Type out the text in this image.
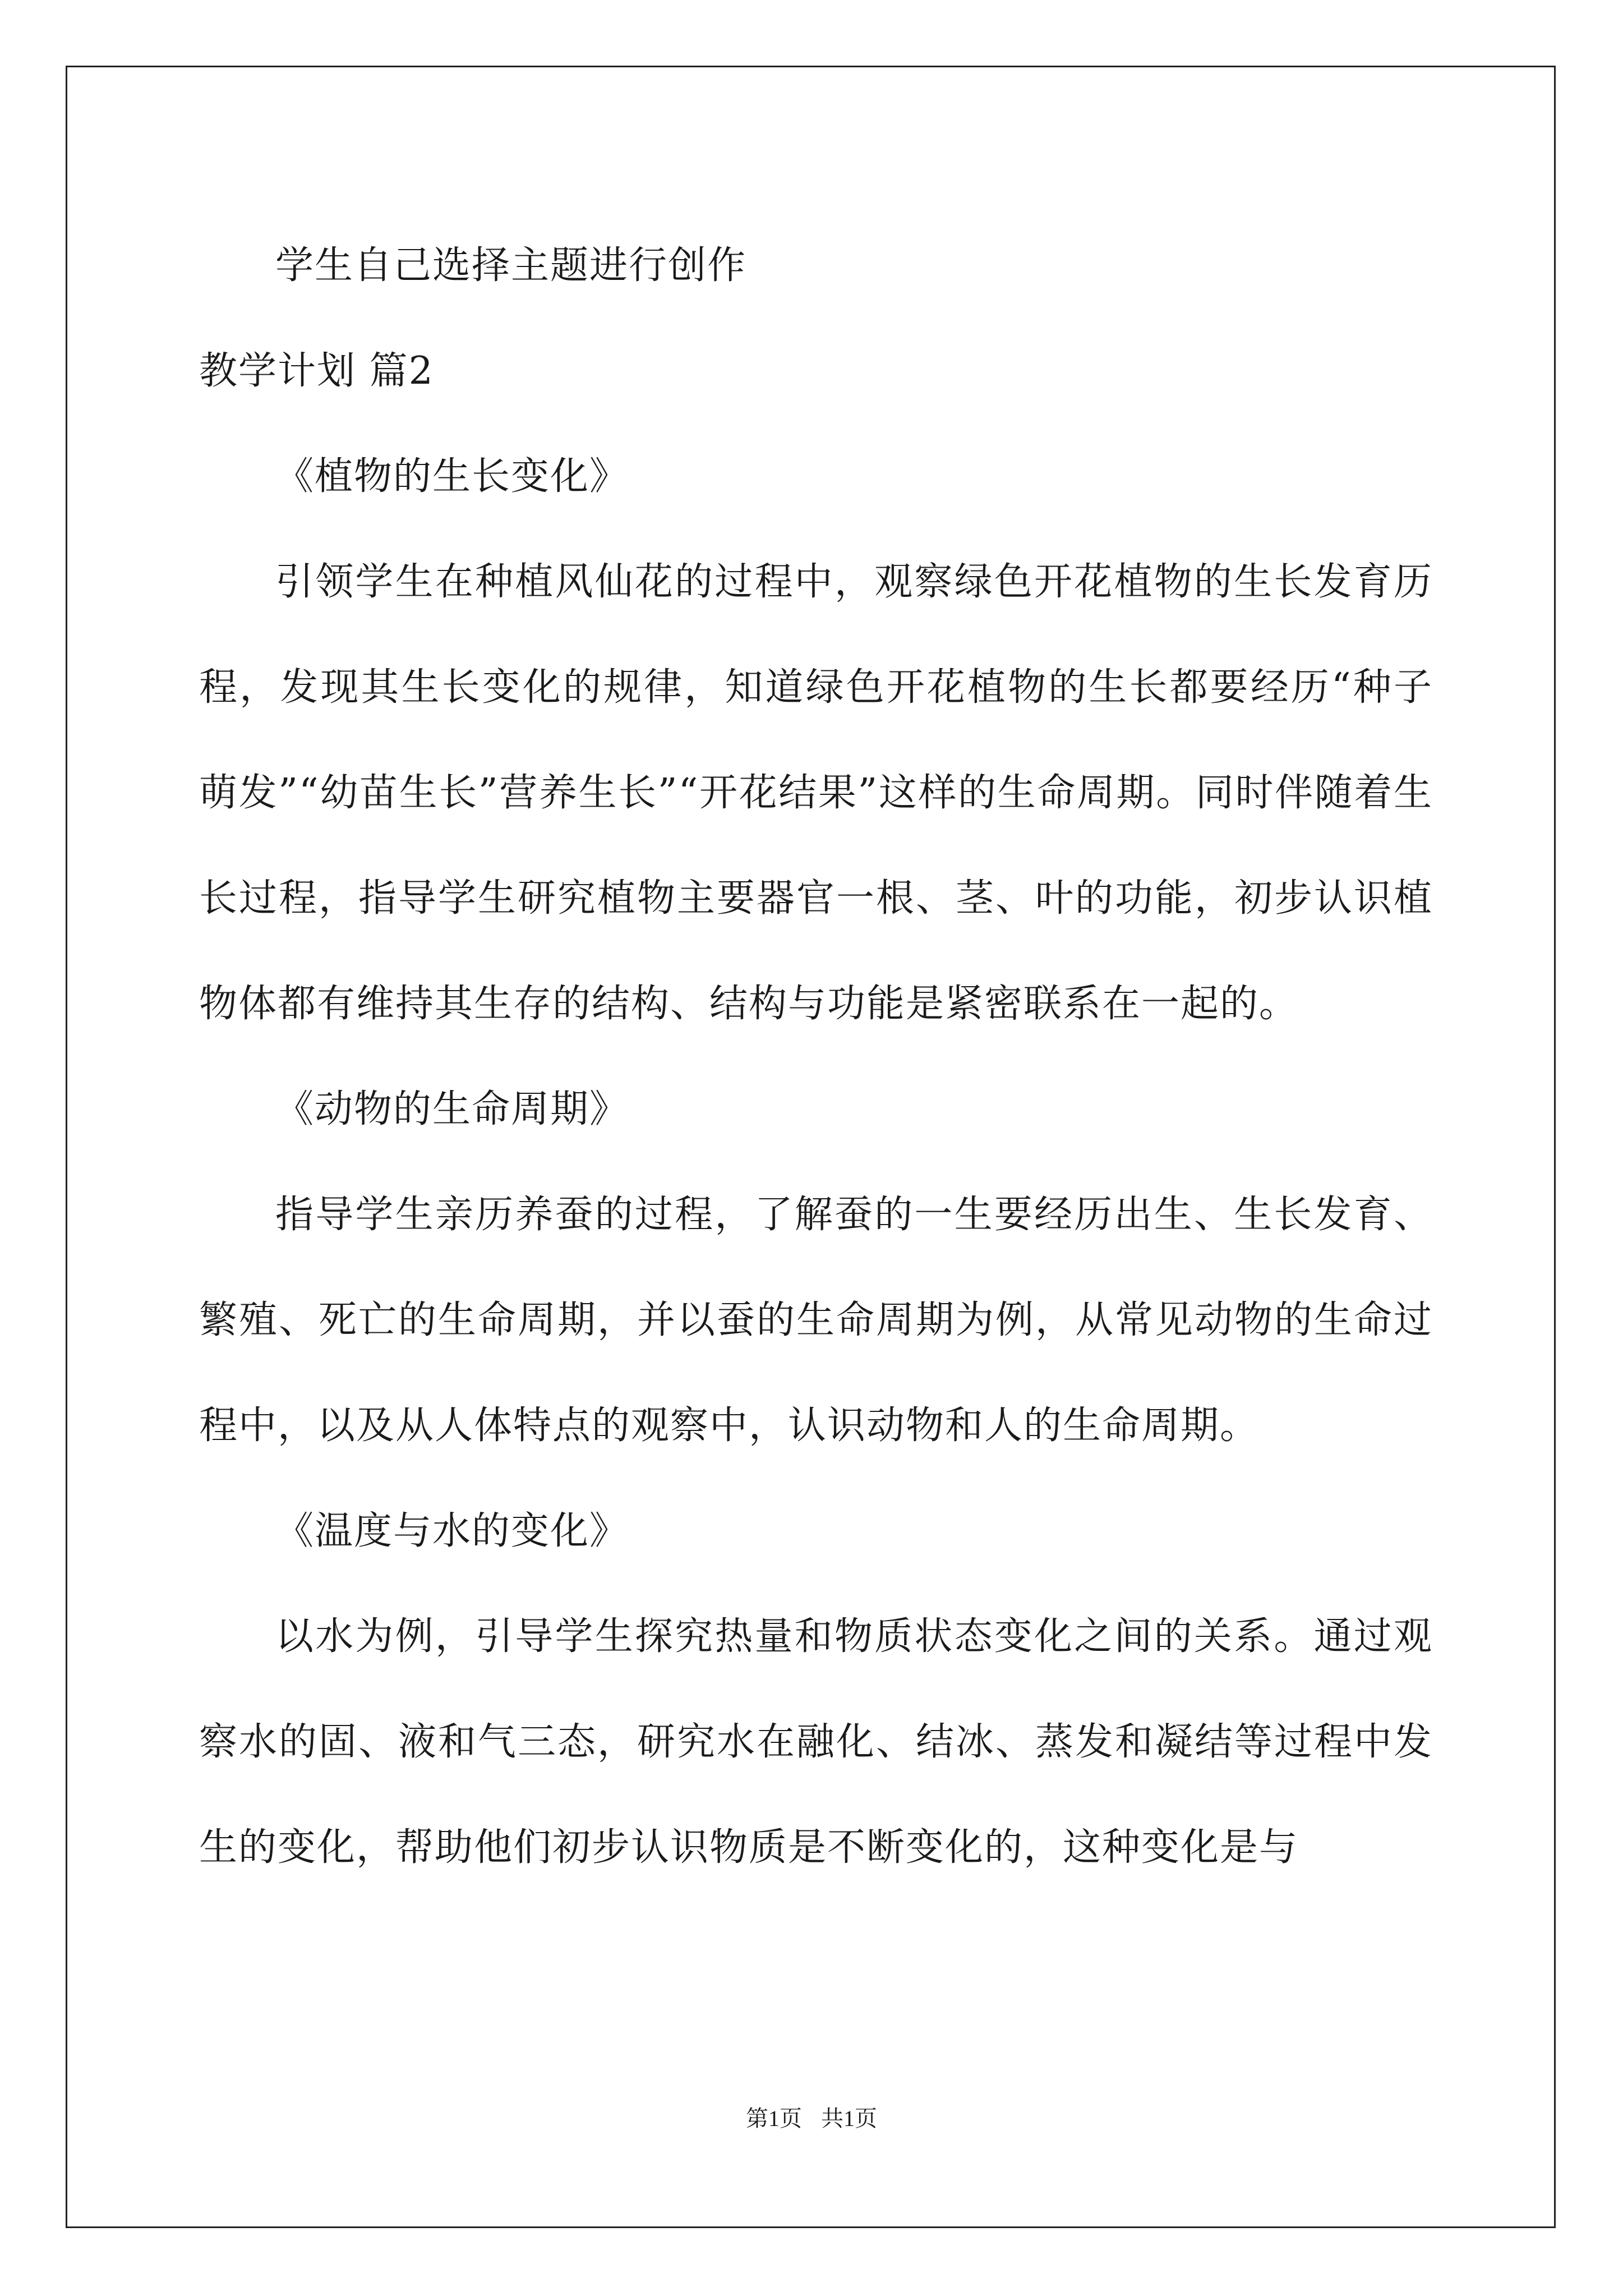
学生自己选择主题进行创作

教学计划 篇2

《植物的生长变化》

引领学生在种植风仙花的过程中，观察绿色开花植物的生长发育历程，发现其生长变化的规律，知道绿色开花植物的生长都要经历“种子萌发”“幼苗生长”营养生长”“开花结果”这样的生命周期。同时伴随着生长过程，指导学生研究植物主要器官一根、茎、叶的功能，初步认识植物体都有维持其生存的结构、结构与功能是紧密联系在一起的。

《动物的生命周期》

指导学生亲历养蚕的过程，了解蚕的一生要经历出生、生长发育、繁殖、死亡的生命周期，并以蚕的生命周期为例，从常见动物的生命过程中，以及从人体特点的观察中，认识动物和人的生命周期。

《温度与水的变化》

以水为例，引导学生探究热量和物质状态变化之间的关系。通过观察水的固、液和气三态，研究水在融化、结冰、蒸发和凝结等过程中发生的变化，帮助他们初步认识物质是不断变化的，这种变化是与

第1页 共1页
